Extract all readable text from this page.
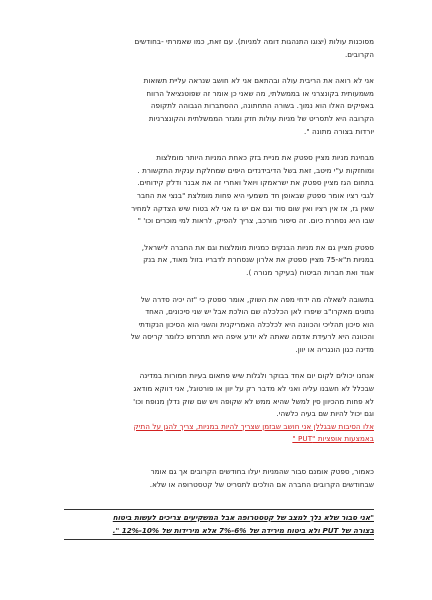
מסוכנות עולות (יצוגו התנהגות דומה למניות). עם זאת, כמו שאמרתי -בחודשים
הקרובים.

אני לא רואה את הריבית עולה ובהתאם אני לא חושב שנראה עליית תשואות
משמעותית בקונצרני או בממשלתי, מה שאני כן אומר זה שפוטנציאל הרווח
באפיקים האלו הוא נמוך. בשורה התחתונה, ההסתברות הגבוהה לתקופה
הקרובה היא לתסריט של מניות עולות חזק ומגזר הממשלתית והקונצרניות
יורדות בצורה מתונה ".

מבחינת מניות מציין ספטק את מניית בזק כאחת המניות היותר מומלצות
ומוחזקות ע"י מיטב, זאת בשל הדיבידנדים היפים שמחלקת ענקית התקשורת .
בתחום הגז מציין ספטק את ישראמקו ויואל ואחרי זה את אבנר ודלק קידוחים.
לגבי רציו אומר ספטק שבאופן חד משמעי היא פחות מומלצת "בנצי את החבר
שאין גז, אז אין רציו ואין שום סוד וגם אם יש גז אני לא בטוח שיש הצדקה למחיר
שבו היא נסחרת כיום. זה סיפור מורכב, צריך להפיק, לראות למי מוכרים וכו' "

ספטק מציין גם את מניות הבנקים כמניות מומלצות וגם את החברה לישראל,
במניות ת"א-75 מציין ספטק את אלרון שנסחרת לדבריו בזול מאוד, את בנק
אגוד ואת חברות הביטוח (בעיקר מנורה ).

בתשובה לשאלה מה ידחי מפה את השוק, אומר ספטק כי "זה יכיה סדרה של
נתונים מאקרו"ב שיפרו לאן הכלכלה שם הולכת אבל יש שני סיכונים, האחד
הוא סיכון תהליכי והכוונה היא לכלכלה האמריקנית והשני הוא הסיכון הנקודתי
והכוונה היא לרעידת אדמה שאתה לא יודע איפה היא תתרחש כלומר קריסה של
מדינה כגון הונגריה או יוון.

אנחנו יכולים לקום יום אחד בבוקר ולגלות שיש פתאום בעיות חמורות במדינה
שבכלל לא חשבנו עליה ואני לא מדבר רק על יוון או פורטוגל, אני דווקא מודאג
לא פחות מהכיוון סין למשל שהיא ממש לא שקופה ויש שם שוק נדלן מנופח וכו'
וגם יכול להיות שם בעיה כלשהי.
אלו הסיבות שבגללן אני חושב שבזמן שצריך להיות במניות, צריך להגן על התיק
באמצעות אופציות "PUT "

כאמור, ספטק אומנם סבור שהמניות יעלו בחודשים הקרובים אך גם אומר
שבחודשים הקרובים החברה אם הולכים לתסריט של קטסטרופה או שלא.

"אני סבור שלא נלך למצב של קטסטרופה אבל המשקיעים צריכים לעשות ביטוח
בצורה של PUT ולא ביטוח מירידה של 6%-7% אלא מירידות של 10%-12% ".
